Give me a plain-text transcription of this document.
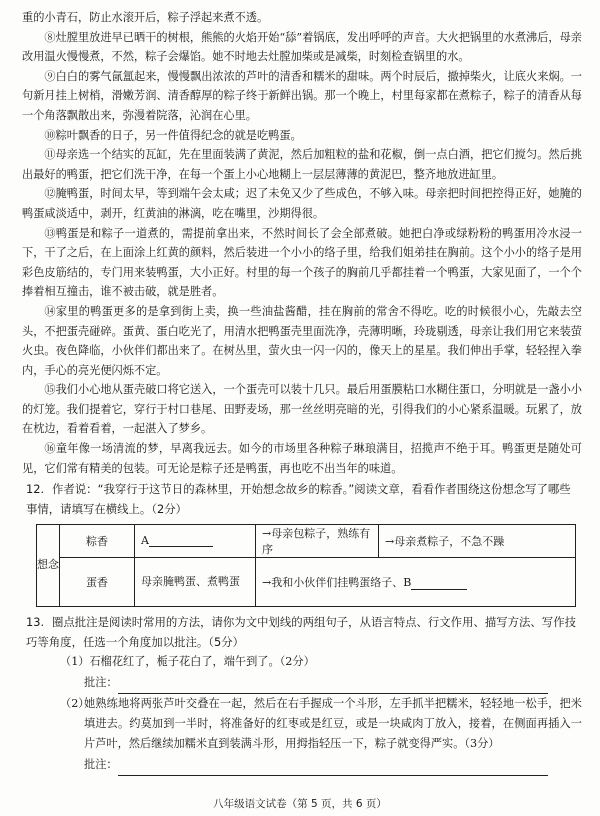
重的小青石，防止水滚开后，粽子浮起来煮不透。

⑧灶膛里放进早已晒干的树根，熊熊的火焰开始“舔”着锅底，发出呼呼的声音。大火把锅里的水煮沸后，母亲改用温火慢慢煮，不然，粽子会爆馅。她不时地去灶膛加柴或是减柴，时刻检查锅里的水。

⑨白白的雾气氤氲起来，慢慢飘出浓浓的芦叶的清香和糯米的甜味。两个时辰后，撤掉柴火，让底火来焖。一句新月挂上树梢，滑嫩芳润、清香醇厚的粽子终于新鲜出锅。那一个晚上，村里每家都在煮粽子，粽子的清香从每一个角落飘散出来，弥漫着院落，沁润在心里。

⑩粽叶飘香的日子，另一件值得纪念的就是吃鸭蛋。

⑪母亲选一个结实的瓦缸，先在里面装满了黄泥，然后加粗粒的盐和花椒，倒一点白酒，把它们搅匀。然后挑出最好的鸭蛋，把它们洗干净，在每一个蛋上小心地糊上一层层薄薄的黄泥巴，整齐地放进缸里。

⑫腌鸭蛋，时间太早，等到端午会太咸；迟了未免又少了些成色，不够入味。母亲把时间把控得正好，她腌的鸭蛋咸淡适中，剥开，红黄油的淋漓，吃在嘴里，沙期得很。

⑬鸭蛋是和粽子一道煮的，需提前拿出来，不然时间长了会全部煮破。她把白净或绿粉粉的鸭蛋用冷水浸一下，干了之后，在上面涂上红黄的颜料，然后装进一个小小的络子里，给我们姐弟挂在胸前。这个小小的络子是用彩色皮筋结的，专门用来装鸭蛋，大小正好。村里的每一个孩子的胸前几乎都挂着一个鸭蛋，大家见面了，一个个捧着相互撞击，谁不被击破，就是胜者。

⑭家里的鸭蛋更多的是拿到街上卖，换一些油盐酱醋，挂在胸前的常舍不得吃。吃的时候很小心，先敲去空头，不把蛋壳碰碎。蛋黄、蛋白吃光了，用清水把鸭蛋壳里面洗净，壳薄明晰，玲珑剔透，母亲让我们用它来装萤火虫。夜色降临，小伙伴们都出来了。在树丛里，萤火虫一闪一闪的，像天上的星星。我们伸出手掌，轻轻捏入拳内，手心的亮光便闪烁不定。

⑮我们小心地从蛋壳破口将它送入，一个蛋壳可以装十几只。最后用蛋膜粘口水糊住蛋口，分明就是一盏小小的灯笼。我们提着它，穿行于村口巷尾、田野麦场，那一丝丝明亮暗的光，引得我们的小心紧系温暖。玩累了，放在枕边，看着看着，一起湛入了梦乡。

⑯童年像一场清流的梦，早离我远去。如今的市场里各种粽子琳琅满目，招揽声不绝于耳。鸭蛋更是随处可见，它们常有精美的包装。可无论是粽子还是鸭蛋，再也吃不出当年的味道。

12. 作者说：“我穿行于这节日的森林里，开始想念故乡的粽香。”阅读文章，看看作者围绕这份想念写了哪些事情，请填写在横线上。（2分）
想念	粽香	A	→母亲包粽子，熟练有序	→母亲煮粽子，不急不躁
	蛋香	母亲腌鸭蛋、煮鸭蛋	→我和小伙伴们挂鸭蛋络子、B	
13. 圈点批注是阅读时常用的方法，请你为文中划线的两组句子，从语言特点、行文作用、描写方法、写作技巧等角度，任选一个角度加以批注。（5分）

（1）石榴花红了，栀子花白了，端午到了。（2分）

批注：

（2）

她熟练地将两张芦叶交叠在一起，然后在右手握成一个斗形，左手抓半把糯米，轻轻地一松手，把米填进去。约莫加到一半时，将准备好的红枣或是红豆，或是一块咸肉丁放入，接着，在侧面再插入一片芦叶，然后继续加糯米直到装满斗形，用拇指轻压一下，粽子就变得严实。（3分）

批注：
八年级语文试卷（第 5 页，共 6 页）
